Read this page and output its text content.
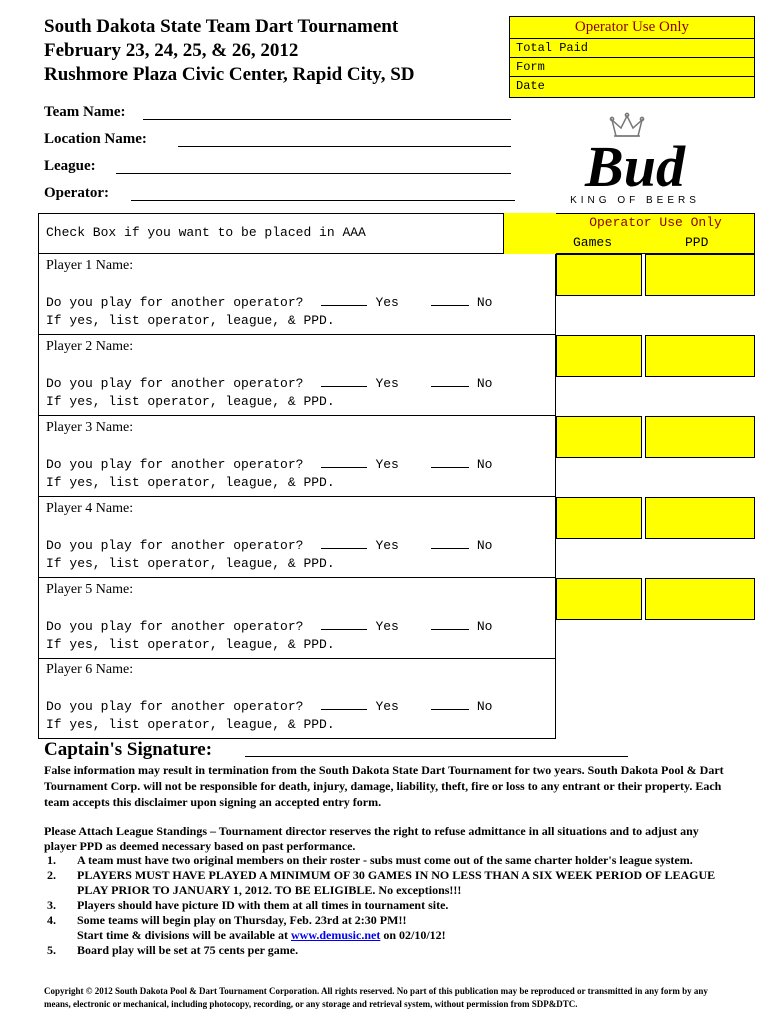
South Dakota State Team Dart Tournament
February 23, 24, 25, & 26, 2012
Rushmore Plaza Civic Center, Rapid City, SD
Operator Use Only
Total Paid
Form
Date
Team Name:
Location Name:
League:
Operator:	Bud
KING OF BEERS
Check Box if you want to be placed in AAA
Operator Use Only
Games	PPD
Player 1 Name:
Do you play for another operator?	Yes	No
If yes, list operator, league, & PPD.
Player 2 Name:
Do you play for another operator?	Yes	No
If yes, list operator, league, & PPD.
Player 3 Name:
Do you play for another operator?	Yes	No
If yes, list operator, league, & PPD.
Player 4 Name:
Do you play for another operator?	Yes	No
If yes, list operator, league, & PPD.
Player 5 Name:
Do you play for another operator?	Yes	No
If yes, list operator, league, & PPD.
Player 6 Name:
Do you play for another operator?	Yes	No
If yes, list operator, league, & PPD.
Captain's Signature:
False information may result in termination from the South Dakota State Dart Tournament for two years. South Dakota Pool & Dart Tournament Corp. will not be responsible for death, injury, damage, liability, theft, fire or loss to any entrant or their property. Each team accepts this disclaimer upon signing an accepted entry form.
Please Attach League Standings – Tournament director reserves the right to refuse admittance in all situations and to adjust any player PPD as deemed necessary based on past performance.
1. A team must have two original members on their roster - subs must come out of the same charter holder's league system.
2. PLAYERS MUST HAVE PLAYED A MINIMUM OF 30 GAMES IN NO LESS THAN A SIX WEEK PERIOD OF LEAGUE PLAY PRIOR TO JANUARY 1, 2012. TO BE ELIGIBLE. No exceptions!!!
3. Players should have picture ID with them at all times in tournament site.
4. Some teams will begin play on Thursday, Feb. 23rd at 2:30 PM!!
Start time & divisions will be available at www.demusic.net on 02/10/12!
5. Board play will be set at 75 cents per game.
Copyright © 2012 South Dakota Pool & Dart Tournament Corporation. All rights reserved. No part of this publication may be reproduced or transmitted in any form by any means, electronic or mechanical, including photocopy, recording, or any storage and retrieval system, without permission from SDP&DTC.
